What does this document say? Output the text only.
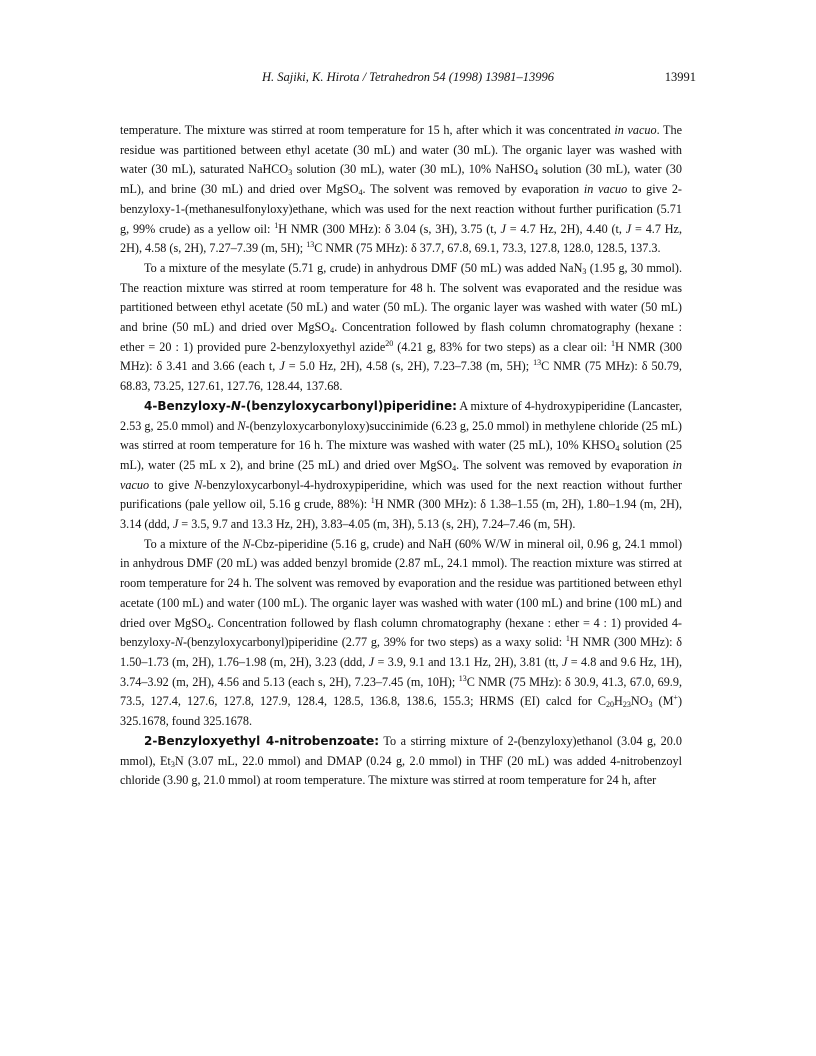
H. Sajiki, K. Hirota / Tetrahedron 54 (1998) 13981–13996	13991

temperature. The mixture was stirred at room temperature for 15 h, after which it was concentrated in vacuo. The residue was partitioned between ethyl acetate (30 mL) and water (30 mL). The organic layer was washed with water (30 mL), saturated NaHCO$_3$ solution (30 mL), water (30 mL), 10% NaHSO$_4$ solution (30 mL), water (30 mL), and brine (30 mL) and dried over MgSO$_4$. The solvent was removed by evaporation in vacuo to give 2-benzyloxy-1-(methanesulfonyloxy)ethane, which was used for the next reaction without further purification (5.71 g, 99% crude) as a yellow oil: $^1$H NMR (300 MHz): δ 3.04 (s, 3H), 3.75 (t, J = 4.7 Hz, 2H), 4.40 (t, J = 4.7 Hz, 2H), 4.58 (s, 2H), 7.27–7.39 (m, 5H); $^{13}$C NMR (75 MHz): δ 37.7, 67.8, 69.1, 73.3, 127.8, 128.0, 128.5, 137.3.

To a mixture of the mesylate (5.71 g, crude) in anhydrous DMF (50 mL) was added NaN$_3$ (1.95 g, 30 mmol). The reaction mixture was stirred at room temperature for 48 h. The solvent was evaporated and the residue was partitioned between ethyl acetate (50 mL) and water (50 mL). The organic layer was washed with water (50 mL) and brine (50 mL) and dried over MgSO$_4$. Concentration followed by flash column chromatography (hexane : ether = 20 : 1) provided pure 2-benzyloxyethyl azide$^{20}$ (4.21 g, 83% for two steps) as a clear oil: $^1$H NMR (300 MHz): δ 3.41 and 3.66 (each t, J = 5.0 Hz, 2H), 4.58 (s, 2H), 7.23–7.38 (m, 5H); $^{13}$C NMR (75 MHz): δ 50.79, 68.83, 73.25, 127.61, 127.76, 128.44, 137.68.

4-Benzyloxy-N-(benzyloxycarbonyl)piperidine: A mixture of 4-hydroxypiperidine (Lancaster, 2.53 g, 25.0 mmol) and N-(benzyloxycarbonyloxy)succinimide (6.23 g, 25.0 mmol) in methylene chloride (25 mL) was stirred at room temperature for 16 h. The mixture was washed with water (25 mL), 10% $KHSO_4$ solution (25 mL), water (25 mL x 2), and brine (25 mL) and dried over MgSO$_4$. The solvent was removed by evaporation in vacuo to give N-benzyloxycarbonyl-4-hydroxypiperidine, which was used for the next reaction without further purifications (pale yellow oil, 5.16 g crude, 88%): $^1$H NMR (300 MHz): δ 1.38–1.55 (m, 2H), 1.80–1.94 (m, 2H), 3.14 (ddd, J = 3.5, 9.7 and 13.3 Hz, 2H), 3.83–4.05 (m, 3H), 5.13 (s, 2H), 7.24–7.46 (m, 5H).

To a mixture of the N-Cbz-piperidine (5.16 g, crude) and NaH (60% W/W in mineral oil, 0.96 g, 24.1 mmol) in anhydrous DMF (20 mL) was added benzyl bromide (2.87 mL, 24.1 mmol). The reaction mixture was stirred at room temperature for 24 h. The solvent was removed by evaporation and the residue was partitioned between ethyl acetate (100 mL) and water (100 mL). The organic layer was washed with water (100 mL) and brine (100 mL) and dried over MgSO$_4$. Concentration followed by flash column chromatography (hexane : ether = 4 : 1) provided 4-benzyloxy-N-(benzyloxycarbonyl)piperidine (2.77 g, 39% for two steps) as a waxy solid: $^1$H NMR (300 MHz): δ 1.50–1.73 (m, 2H), 1.76–1.98 (m, 2H), 3.23 (ddd, J = 3.9, 9.1 and 13.1 Hz, 2H), 3.81 (tt, J = 4.8 and 9.6 Hz, 1H), 3.74–3.92 (m, 2H), 4.56 and 5.13 (each s, 2H), 7.23–7.45 (m, 10H); $^{13}$C NMR (75 MHz): δ 30.9, 41.3, 67.0, 69.9, 73.5, 127.4, 127.6, 127.8, 127.9, 128.4, 128.5, 136.8, 138.6, 155.3; HRMS (EI) calcd for $C_{20}H_{23}NO_3$ (M+) 325.1678, found 325.1678.

2-Benzyloxyethyl 4-nitrobenzoate: To a stirring mixture of 2-(benzyloxy)ethanol (3.04 g, 20.0 mmol), $Et_3N$ (3.07 mL, 22.0 mmol) and DMAP (0.24 g, 2.0 mmol) in THF (20 mL) was added 4-nitrobenzoyl chloride (3.90 g, 21.0 mmol) at room temperature. The mixture was stirred at room temperature for 24 h, after
